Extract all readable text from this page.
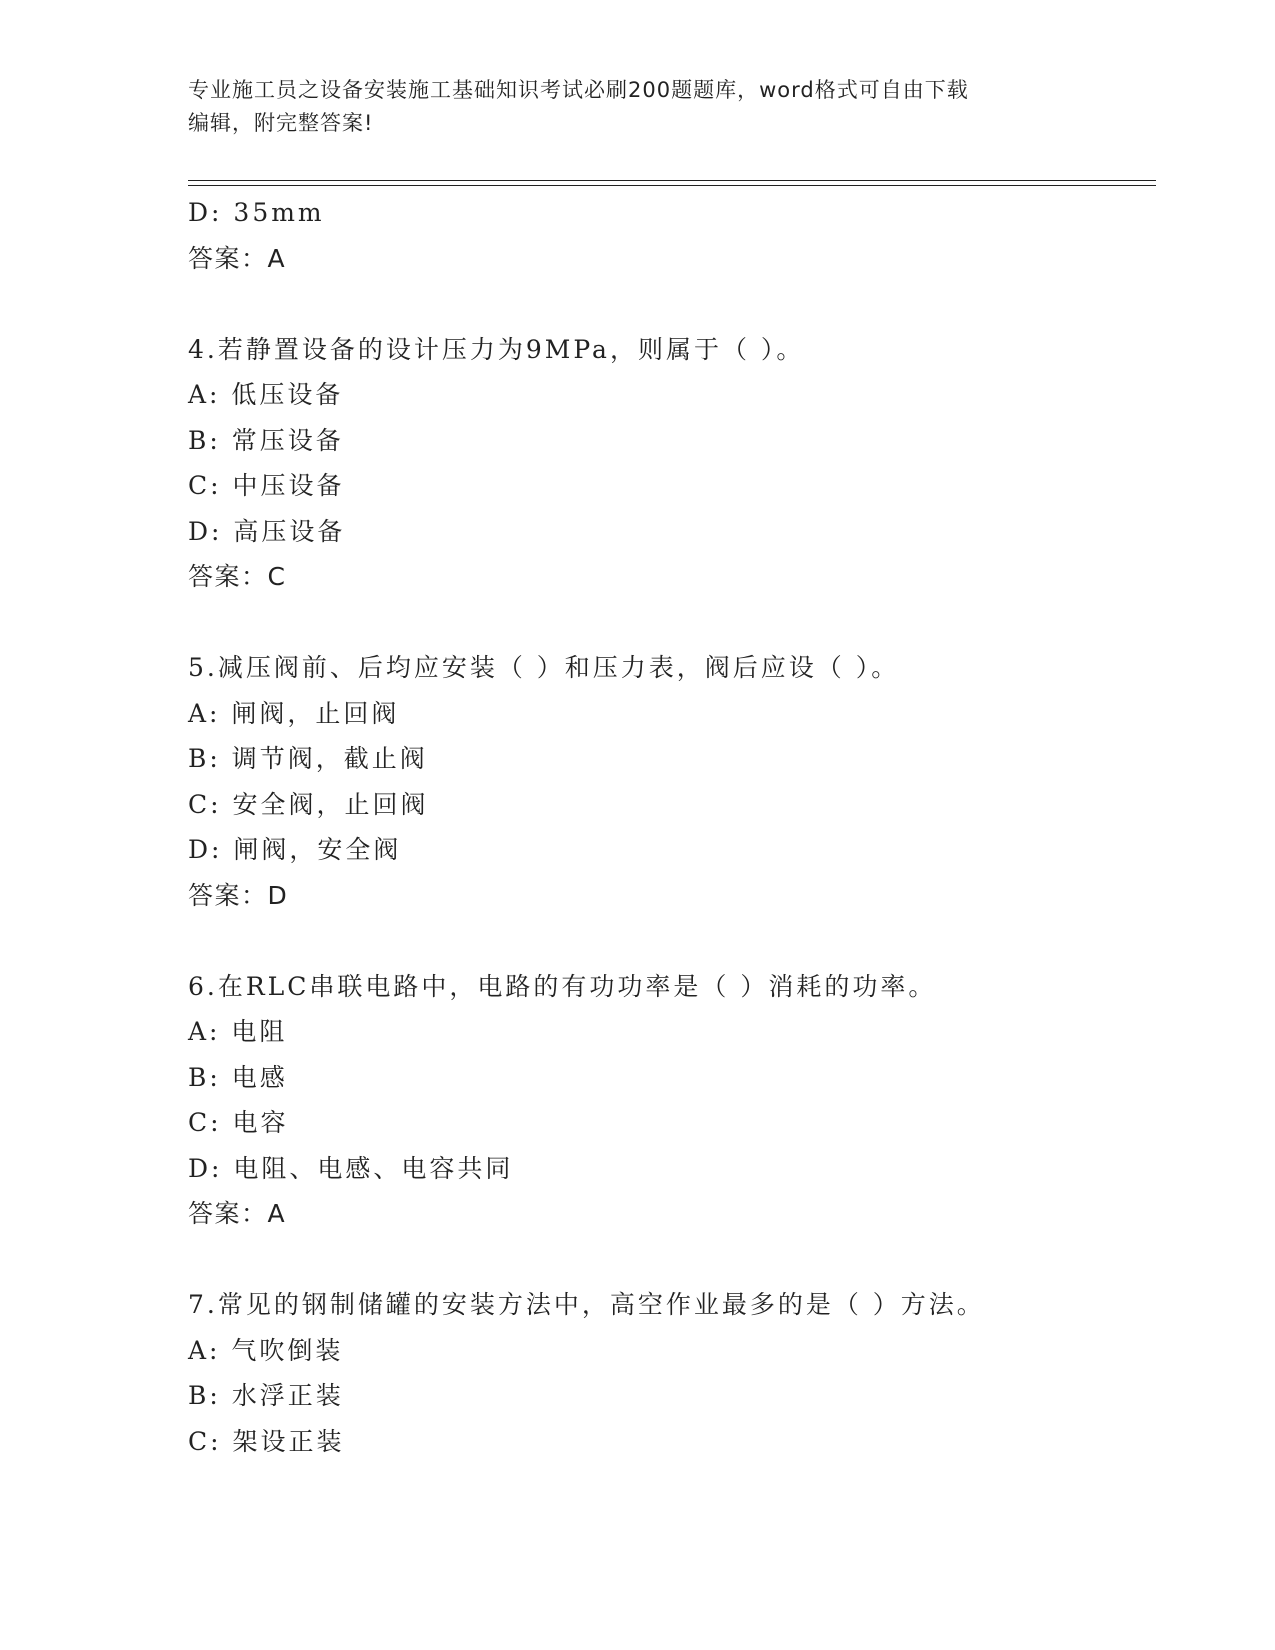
专业施工员之设备安装施工基础知识考试必刷200题题库，word格式可自由下载
编辑，附完整答案!
D: 35mm
答案：A
4.若静置设备的设计压力为9MPa，则属于（ ）。
A: 低压设备
B: 常压设备
C: 中压设备
D: 高压设备
答案：C
5.减压阀前、后均应安装（ ）和压力表，阀后应设（ ）。
A: 闸阀，止回阀
B: 调节阀，截止阀
C: 安全阀，止回阀
D: 闸阀，安全阀
答案：D
6.在RLC串联电路中，电路的有功功率是（ ）消耗的功率。
A: 电阻
B: 电感
C: 电容
D: 电阻、电感、电容共同
答案：A
7.常见的钢制储罐的安装方法中，高空作业最多的是（ ）方法。
A: 气吹倒装
B: 水浮正装
C: 架设正装
